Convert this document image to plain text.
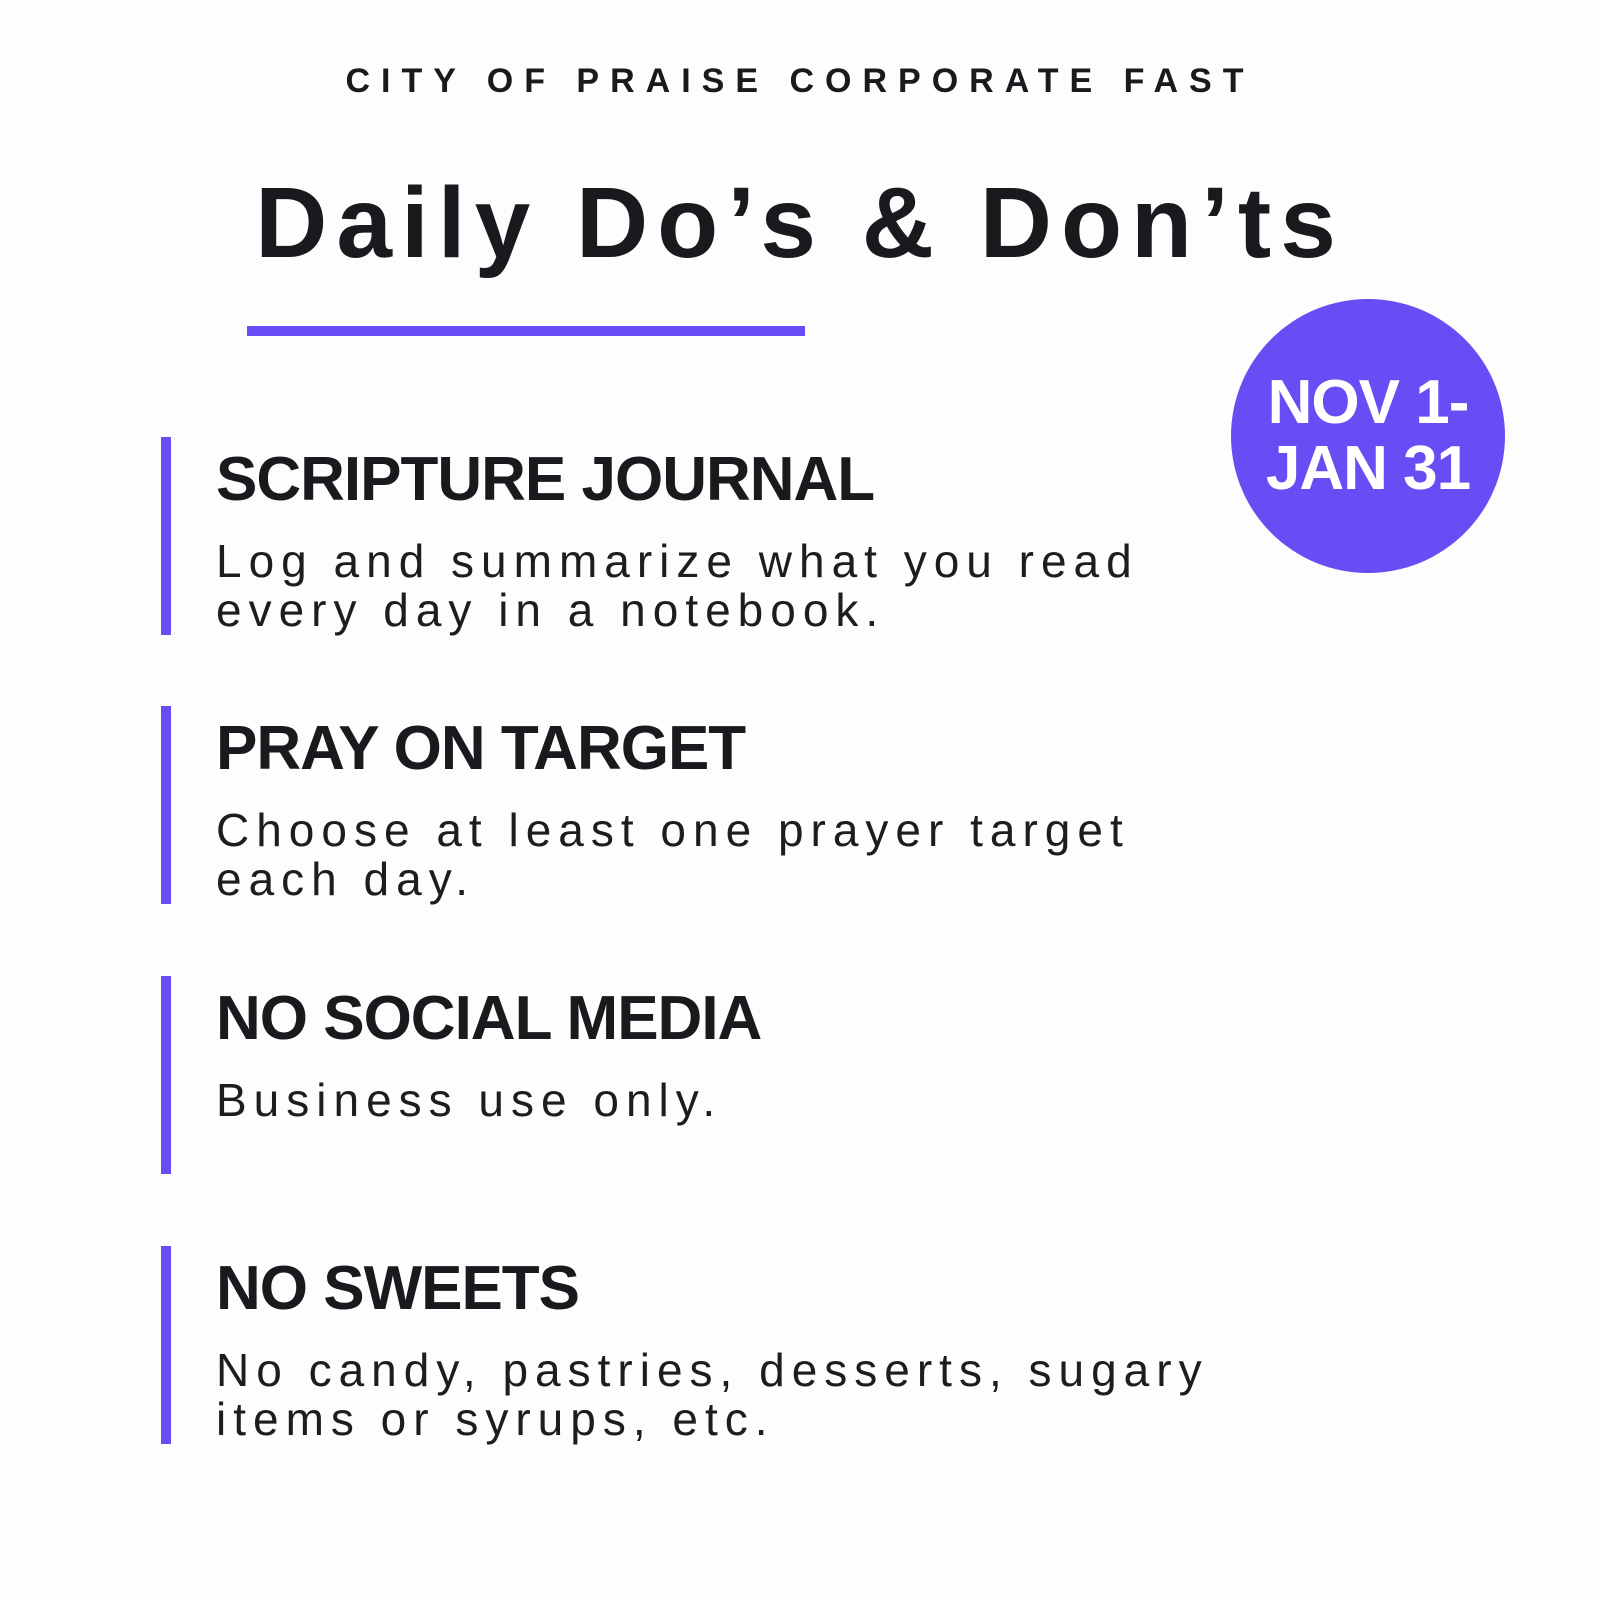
CITY OF PRAISE CORPORATE FAST
Daily Do’s & Don’ts
NOV 1-
JAN 31
SCRIPTURE JOURNAL
Log and summarize what you read every day in a notebook.
PRAY ON TARGET
Choose at least one prayer target each day.
NO SOCIAL MEDIA
Business use only.
NO SWEETS
No candy, pastries, desserts, sugary items or syrups, etc.
